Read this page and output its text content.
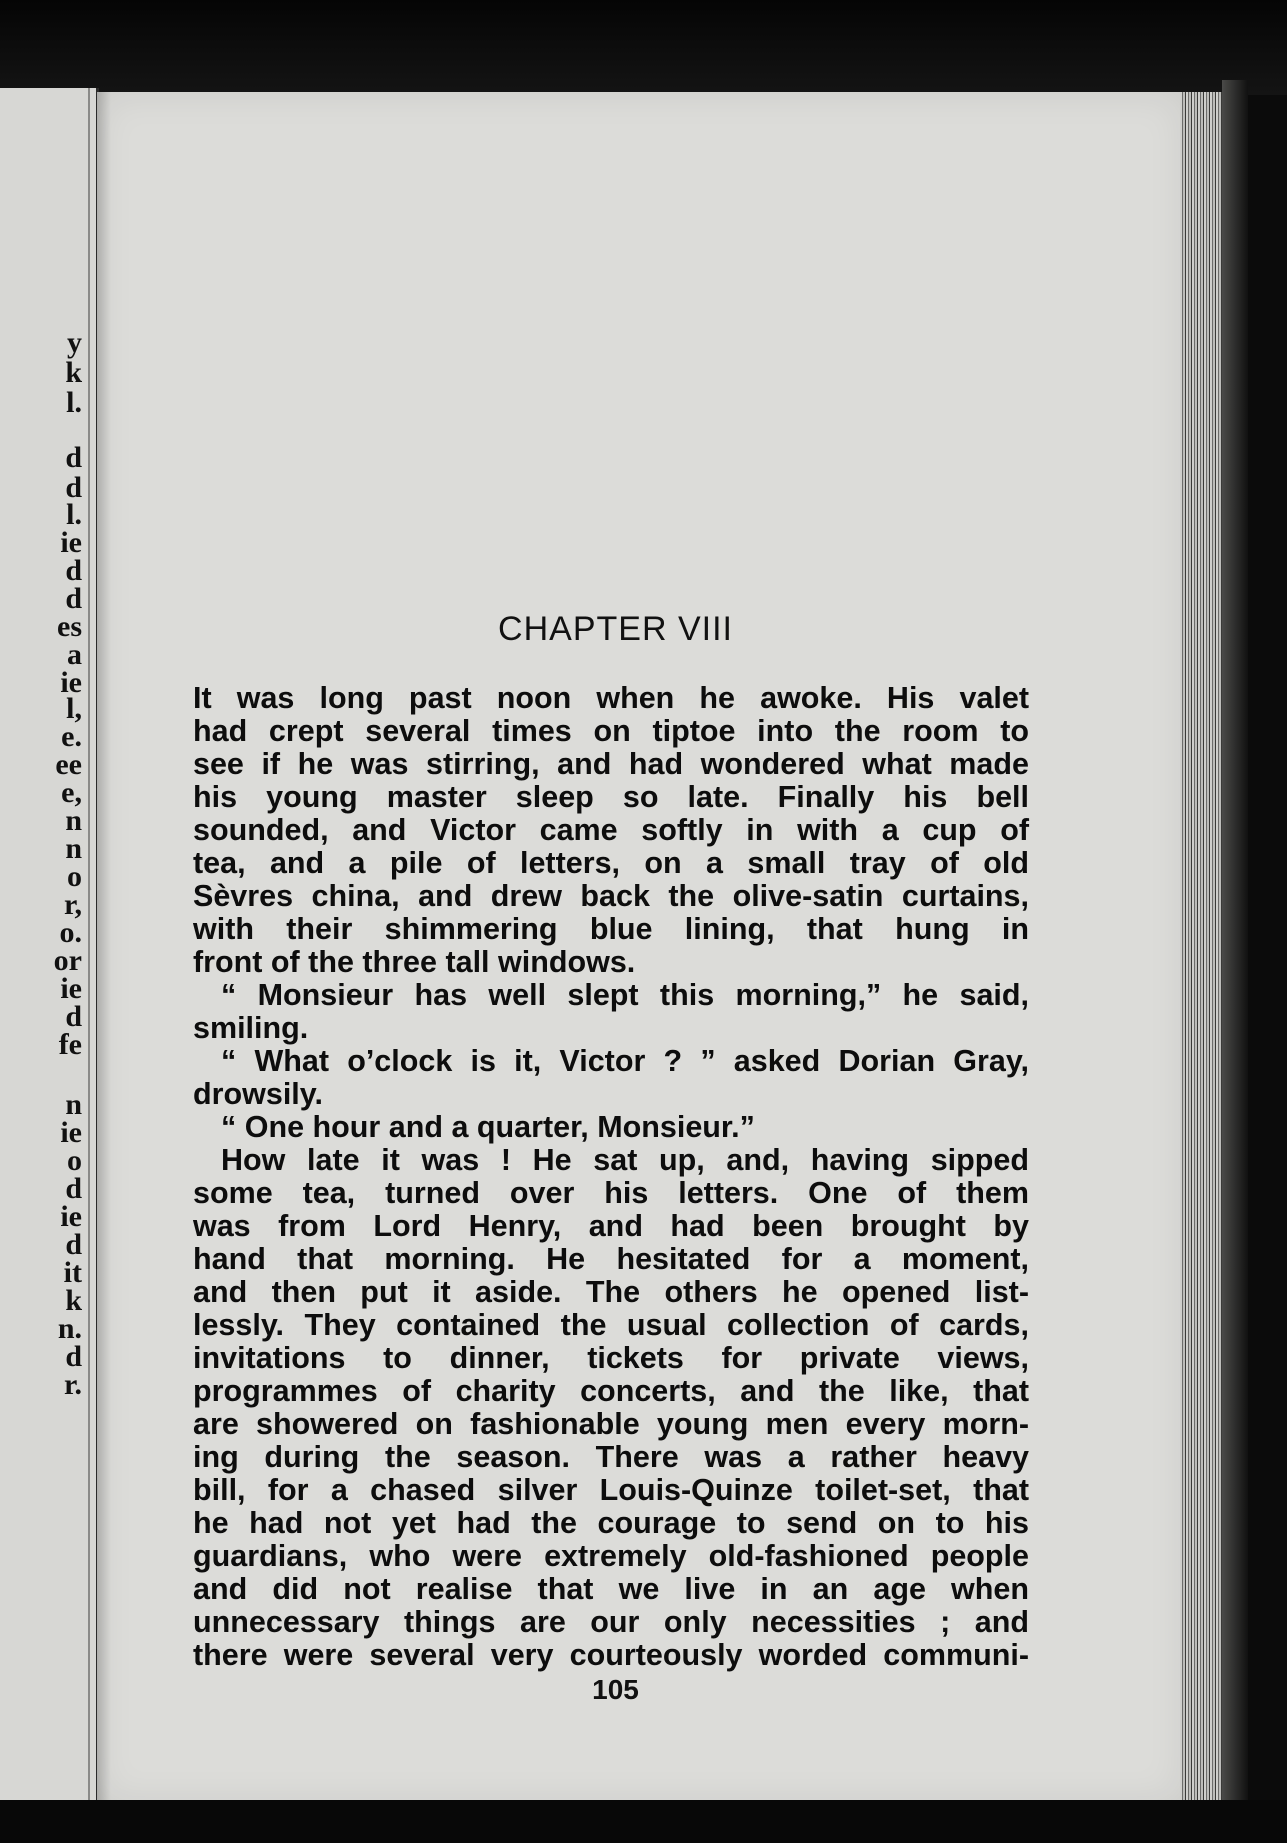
y
k
l.
d
d
l.
ie
d
d
es
a
ie
l,
e.
ee
e,
n
n
o
r,
o.
or
ie
d
fe
n
ie
o
d
ie
d
it
k
n.
d
r.
CHAPTER VIII
It was long past noon when he awoke. His valet
had crept several times on tiptoe into the room to
see if he was stirring, and had wondered what made
his young master sleep so late. Finally his bell
sounded, and Victor came softly in with a cup of
tea, and a pile of letters, on a small tray of old
Sèvres china, and drew back the olive-satin curtains,
with their shimmering blue lining, that hung in
front of the three tall windows.
“ Monsieur has well slept this morning,” he said,
smiling.
“ What o’clock is it, Victor ? ” asked Dorian Gray,
drowsily.
“ One hour and a quarter, Monsieur.”
How late it was ! He sat up, and, having sipped
some tea, turned over his letters. One of them
was from Lord Henry, and had been brought by
hand that morning. He hesitated for a moment,
and then put it aside. The others he opened list-
lessly. They contained the usual collection of cards,
invitations to dinner, tickets for private views,
programmes of charity concerts, and the like, that
are showered on fashionable young men every morn-
ing during the season. There was a rather heavy
bill, for a chased silver Louis-Quinze toilet-set, that
he had not yet had the courage to send on to his
guardians, who were extremely old-fashioned people
and did not realise that we live in an age when
unnecessary things are our only necessities ; and
there were several very courteously worded communi-
105
